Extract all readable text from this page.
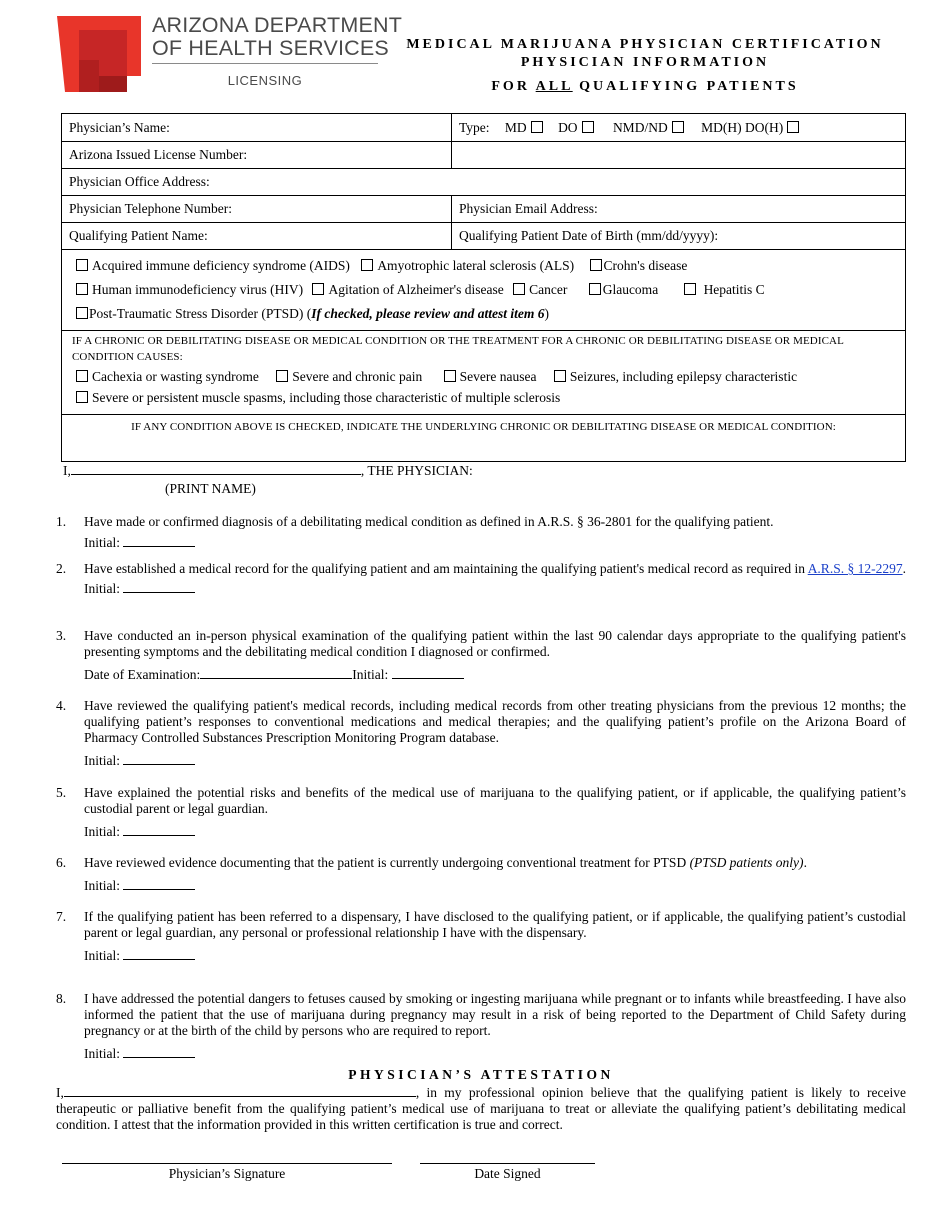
ARIZONA DEPARTMENT
OF HEALTH SERVICES
LICENSING
MEDICAL MARIJUANA PHYSICIAN CERTIFICATION
PHYSICIAN INFORMATION
FOR ALL QUALIFYING PATIENTS
Physician’s Name:	Type: MD DO NMD/ND MD(H) DO(H)
Arizona Issued License Number:	
Physician Office Address:	
Physician Telephone Number:	Physician Email Address:
Qualifying Patient Name:	Qualifying Patient Date of Birth (mm/dd/yyyy):

Acquired immune deficiency syndrome (AIDS) Amyotrophic lateral sclerosis (ALS) Crohn's disease
Human immunodeficiency virus (HIV) Agitation of Alzheimer's disease Cancer Glaucoma Hepatitis C
Post-Traumatic Stress Disorder (PTSD) (If checked, please review and attest item 6)	

IF A CHRONIC OR DEBILITATING DISEASE OR MEDICAL CONDITION OR THE TREATMENT FOR A CHRONIC OR DEBILITATING DISEASE OR MEDICAL CONDITION CAUSES:
Cachexia or wasting syndrome Severe and chronic pain Severe nausea Seizures, including epilepsy characteristic
Severe or persistent muscle spasms, including those characteristic of multiple sclerosis	

IF ANY CONDITION ABOVE IS CHECKED, INDICATE THE UNDERLYING CHRONIC OR DEBILITATING DISEASE OR MEDICAL CONDITION:	
I,	, THE PHYSICIAN:
(PRINT NAME)
1. Have made or confirmed diagnosis of a debilitating medical condition as defined in A.R.S. § 36-2801 for the qualifying patient.
Initial:
2. Have established a medical record for the qualifying patient and am maintaining the qualifying patient's medical record as required in A.R.S. § 12-2297.
Initial:
3. Have conducted an in-person physical examination of the qualifying patient within the last 90 calendar days appropriate to the qualifying patient's presenting symptoms and the debilitating medical condition I diagnosed or confirmed.
Date of Examination:	Initial:
4. Have reviewed the qualifying patient's medical records, including medical records from other treating physicians from the previous 12 months; the qualifying patient’s responses to conventional medications and medical therapies; and the qualifying patient’s profile on the Arizona Board of Pharmacy Controlled Substances Prescription Monitoring Program database.
Initial:
5. Have explained the potential risks and benefits of the medical use of marijuana to the qualifying patient, or if applicable, the qualifying patient’s custodial parent or legal guardian.
Initial:
6. Have reviewed evidence documenting that the patient is currently undergoing conventional treatment for PTSD (PTSD patients only).
Initial:
7. If the qualifying patient has been referred to a dispensary, I have disclosed to the qualifying patient, or if applicable, the qualifying patient’s custodial parent or legal guardian, any personal or professional relationship I have with the dispensary.
Initial:
8. I have addressed the potential dangers to fetuses caused by smoking or ingesting marijuana while pregnant or to infants while breastfeeding. I have also informed the patient that the use of marijuana during pregnancy may result in a risk of being reported to the Department of Child Safety during pregnancy or at the birth of the child by persons who are required to report.
Initial:
PHYSICIAN’S ATTESTATION
I,	, in my professional opinion believe that the qualifying patient is likely to receive therapeutic or palliative benefit from the qualifying patient’s medical use of marijuana to treat or alleviate the qualifying patient’s debilitating medical condition. I attest that the information provided in this written certification is true and correct.
Physician’s Signature	Date Signed
